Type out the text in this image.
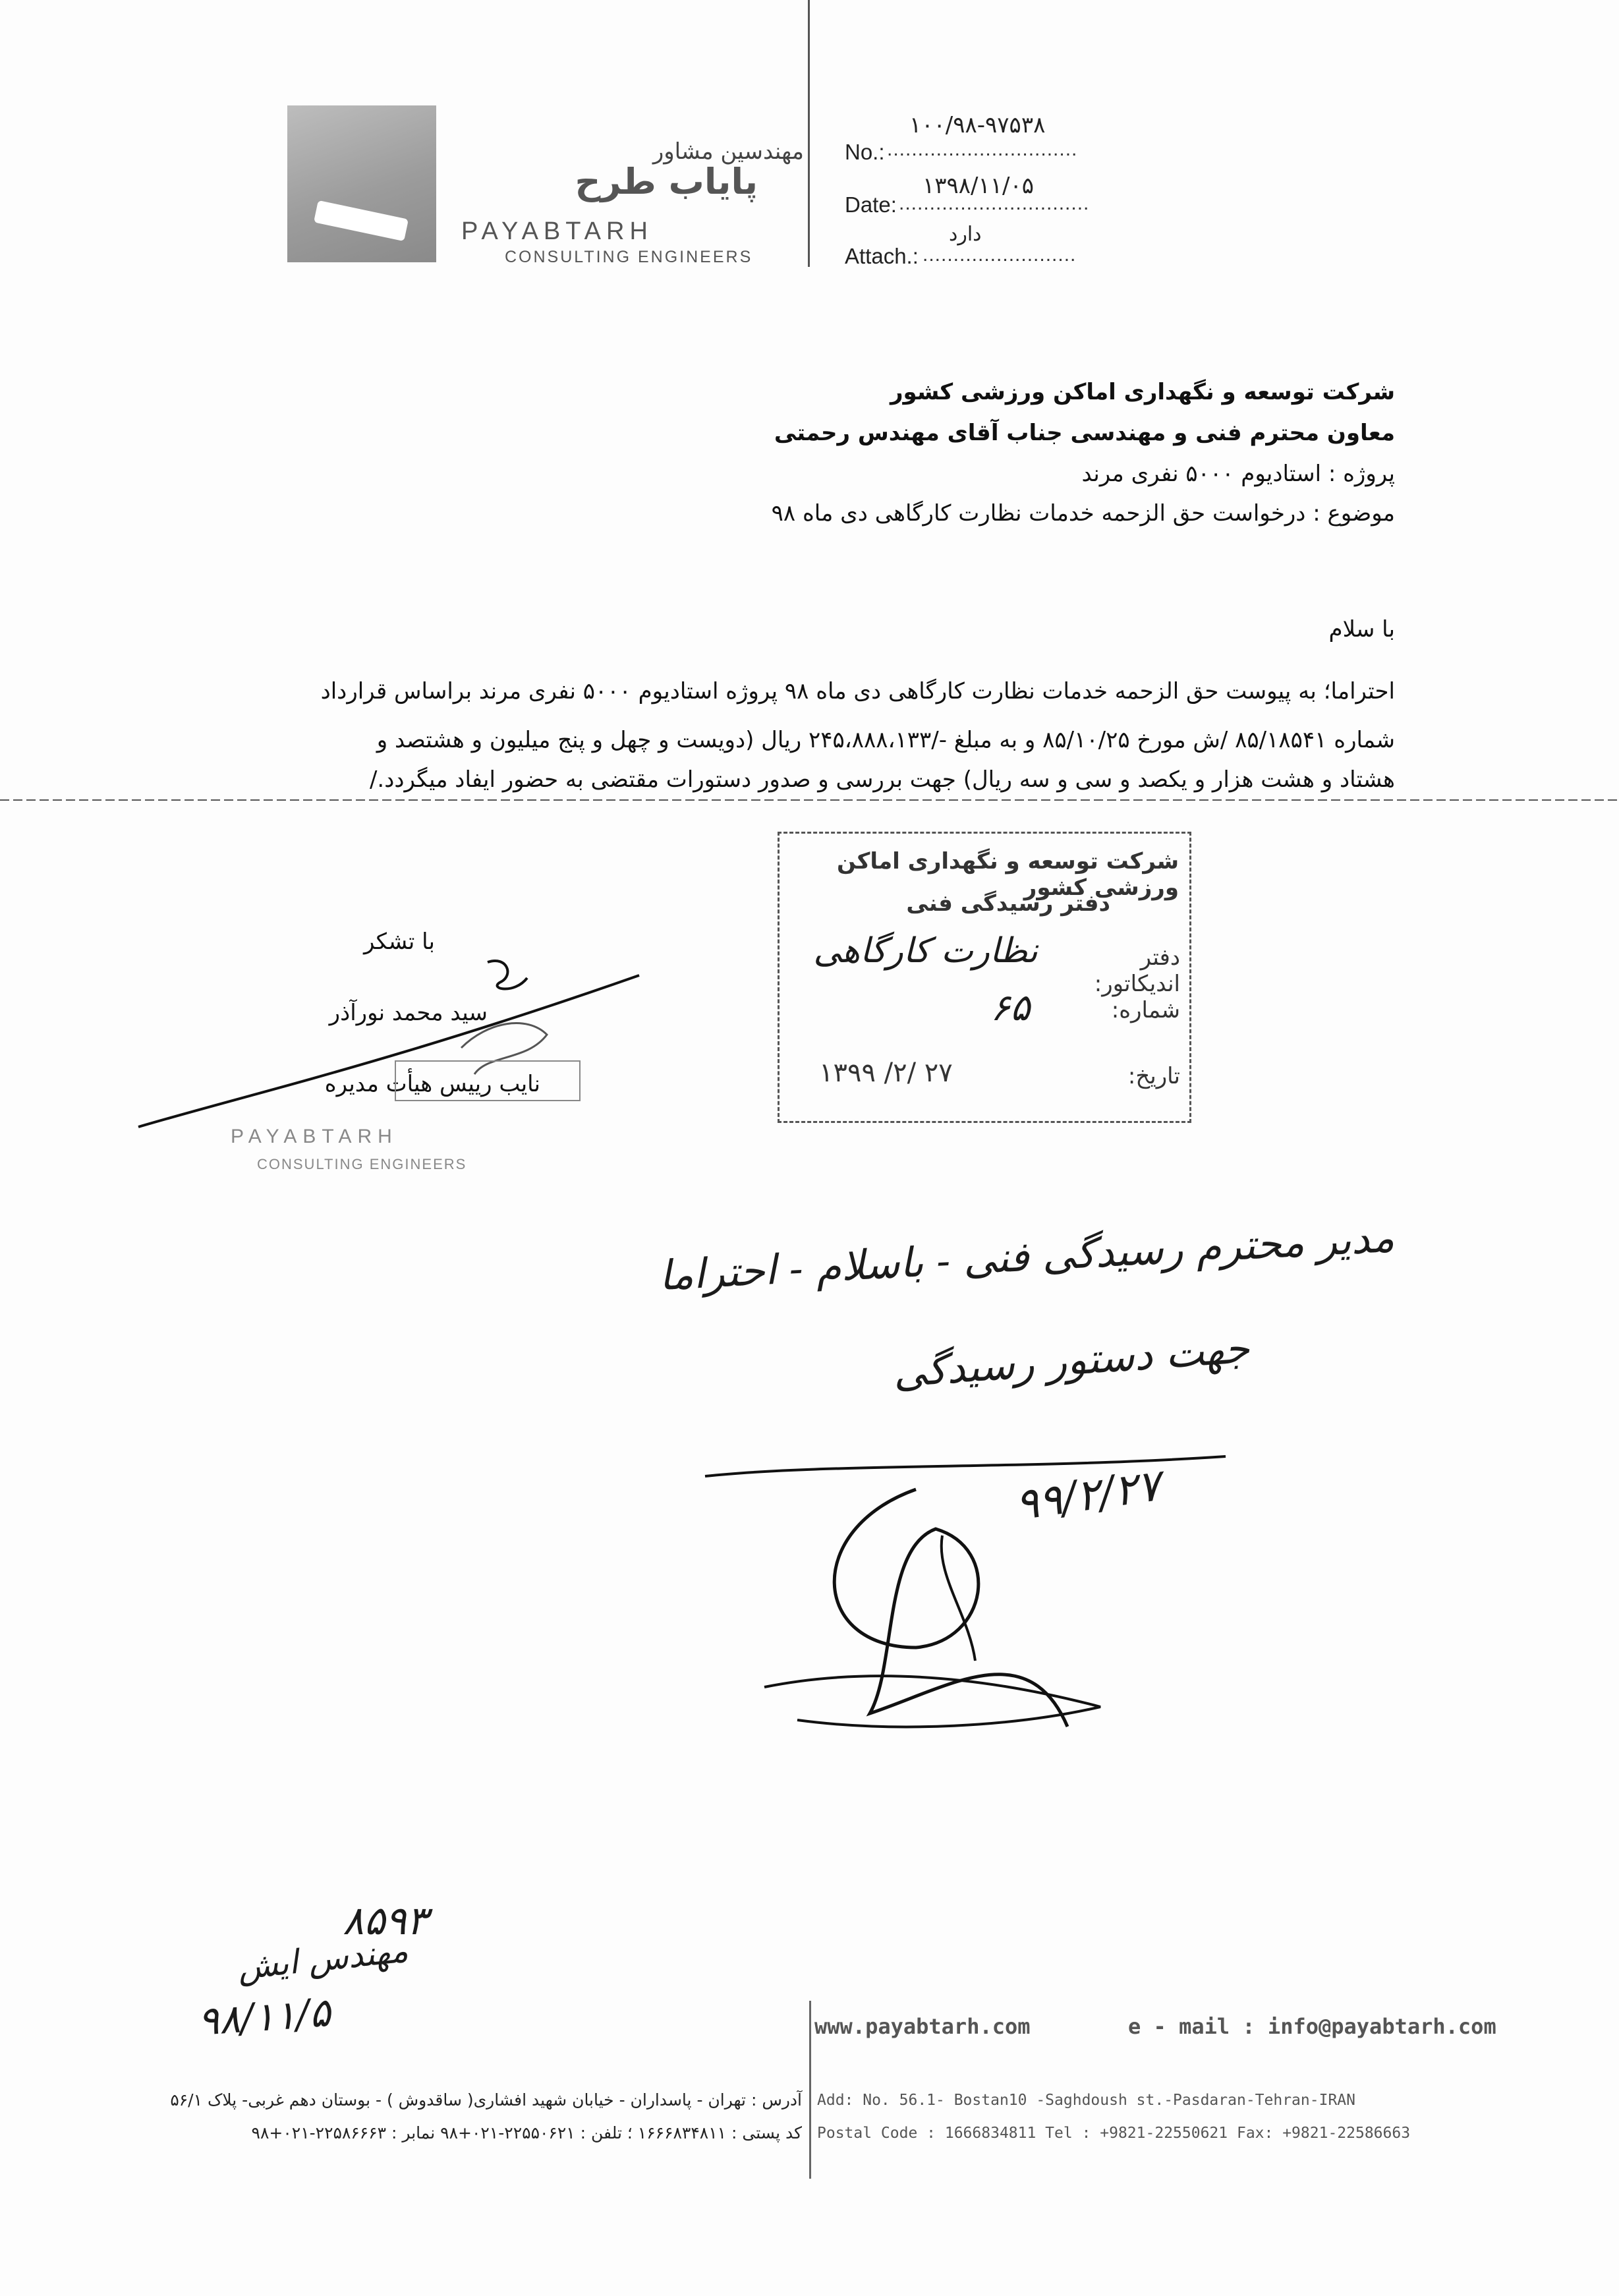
مهندسین مشاور
پایاب طرح
PAYABTARH
CONSULTING ENGINEERS
۱۰۰/۹۸-۹۷۵۳۸
No.: ...............................
۱۳۹۸/۱۱/۰۵
Date: ...............................
دارد
Attach.: .........................
شرکت توسعه و نگهداری اماکن ورزشی کشور
معاون محترم فنی و مهندسی جناب آقای مهندس رحمتی
پروژه : استادیوم ۵۰۰۰ نفری مرند
موضوع : درخواست حق الزحمه خدمات نظارت کارگاهی دی ماه ۹۸
با سلام
احتراما؛ به پیوست حق الزحمه خدمات نظارت کارگاهی دی ماه ۹۸ پروژه استادیوم ۵۰۰۰ نفری مرند براساس قرارداد
شماره ۸۵/۱۸۵۴۱ /ش مورخ ۸۵/۱۰/۲۵ و به مبلغ -/۲۴۵،۸۸۸،۱۳۳ ریال (دویست و چهل و پنج میلیون و هشتصد و
هشتاد و هشت هزار و یکصد و سی و سه ریال) جهت بررسی و صدور دستورات مقتضی به حضور ایفاد میگردد./
با تشکر
سید محمد نورآذر
نایب رییس هیأت مدیره
PAYABTARH
CONSULTING ENGINEERS
شرکت توسعه و نگهداری اماکن ورزشی کشور
دفتر رسیدگی فنی
دفتر اندیکاتور:
نظارت کارگاهی
شماره:
۶۵
تاریخ:
۱۳۹۹ /۲/ ۲۷
مدیر محترم رسیدگی فنی - باسلام - احتراما
جهت دستور رسیدگی
۹۹/۲/۲۷
۸۵۹۳
مهندس ایش
۹۸/۱۱/۵	www.payabtarh.com	e - mail : info@payabtarh.com
آدرس : تهران - پاسداران - خیابان شهید افشاری( ساقدوش ) - بوستان دهم غربی- پلاک ۵۶/۱
کد پستی : ۱۶۶۶۸۳۴۸۱۱ ؛ تلفن : ۲۲۵۵۰۶۲۱-۰۲۱+۹۸ نمابر : ۲۲۵۸۶۶۶۳-۰۲۱+۹۸
Add: No. 56.1- Bostan10 -Saghdoush st.-Pasdaran-Tehran-IRAN
Postal Code : 1666834811 Tel : +9821-22550621 Fax: +9821-22586663
